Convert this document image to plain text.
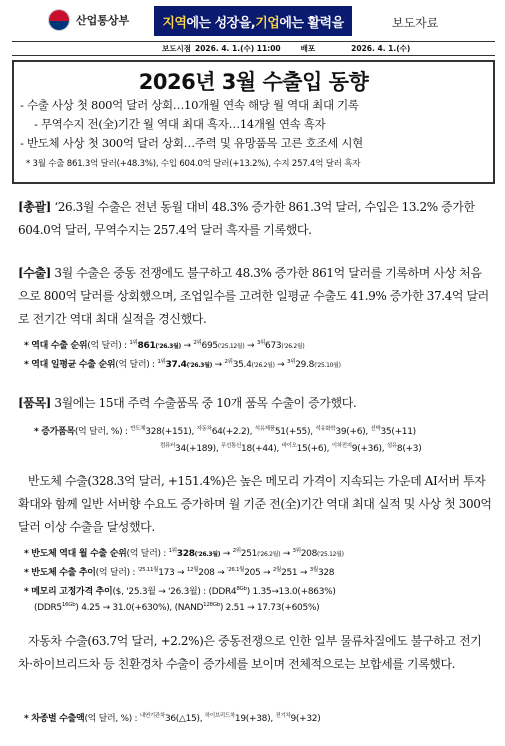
산업통상부	지역 에는 성장을, 기업 에는 활력을	보도자료
보도시점 2026. 4. 1.(수) 11:00	배포	2026. 4. 1.(수)
2026년 3월 수출입 동향
- 수출 사상 첫 800억 달러 상회…10개월 연속 해당 월 역대 최대 기록
- 무역수지 전(全)기간 월 역대 최대 흑자…14개월 연속 흑자
- 반도체 사상 첫 300억 달러 상회…주력 및 유망품목 고른 호조세 시현
* 3월 수출 861.3억 달러(+48.3%), 수입 604.0억 달러(+13.2%), 수지 257.4억 달러 흑자
[총괄] ‘26.3월 수출은 전년 동월 대비 48.3% 증가한 861.3억 달러, 수입은 13.2% 증가한 604.0억 달러, 무역수지는 257.4억 달러 흑자를 기록했다.
[수출] 3월 수출은 중동 전쟁에도 불구하고 48.3% 증가한 861억 달러를 기록하며 사상 처음으로 800억 달러를 상회했으며, 조업일수를 고려한 일평균 수출도 41.9% 증가한 37.4억 달러로 전기간 역대 최대 실적을 경신했다.
* 역대 수출 순위(억 달러) : $^{1위}$861('26.3월) → $^{2위}$695('25.12월) → $^{3위}$673('26.2월)
* 역대 일평균 수출 순위(억 달러) : $^{1위}$37.4('26.3월) → $^{2위}$35.4('26.2월) → $^{3위}$29.8('25.10월)
[품목] 3월에는 15대 주력 수출품목 중 10개 품목 수출이 증가했다.
* 증가품목(억 달러, %) : $^{반도체}$328(+151), $^{자동차}$64(+2.2), $^{석유제품}$51(+55), $^{석유화학}$39(+6), $^{선박}$35(+11)
$^{컴퓨터}$34(+189), $^{무선통신}$18(+44), $^{바이오}$15(+6), $^{이차전지}$9(+36), $^{섬유}$8(+3)
반도체 수출(328.3억 달러, +151.4%)은 높은 메모리 가격이 지속되는 가운데 AI서버 투자 확대와 함께 일반 서버향 수요도 증가하며 월 기준 전(全)기간 역대 최대 실적 및 사상 첫 300억 달러 이상 수출을 달성했다.
* 반도체 역대 월 수출 순위(억 달러) : $^{1위}$328('26.3월) → $^{2위}$251('26.2월) → $^{3위}$208('25.12월)
* 반도체 수출 추이(억 달러) : $^{'25.11월}$173 → $^{12월}$208 → $^{'26.1월}$205 → $^{2월}$251 → $^{3월}$328
* 메모리 고정가격 추이($, '25.3월 → '26.3월) : $(DDR4^{8Gb})$ 1.35→13.0(+863%)
$(DDR5^{16Gb}) 4.25 \to 31.0(+630\%)$, $(NAND^{128Gb}) 2.51 \to 17.73(+605\%)$
자동차 수출(63.7억 달러, +2.2%)은 중동전쟁으로 인한 일부 물류차질에도 불구하고 전기차·하이브리드차 등 친환경차 수출이 증가세를 보이며 전체적으로는 보합세를 기록했다.
* 차종별 수출액(억 달러, %) : $^{내연기관차}$36(△15), $^{하이브리드차}$19(+38), $^{전기차}$9(+32)
